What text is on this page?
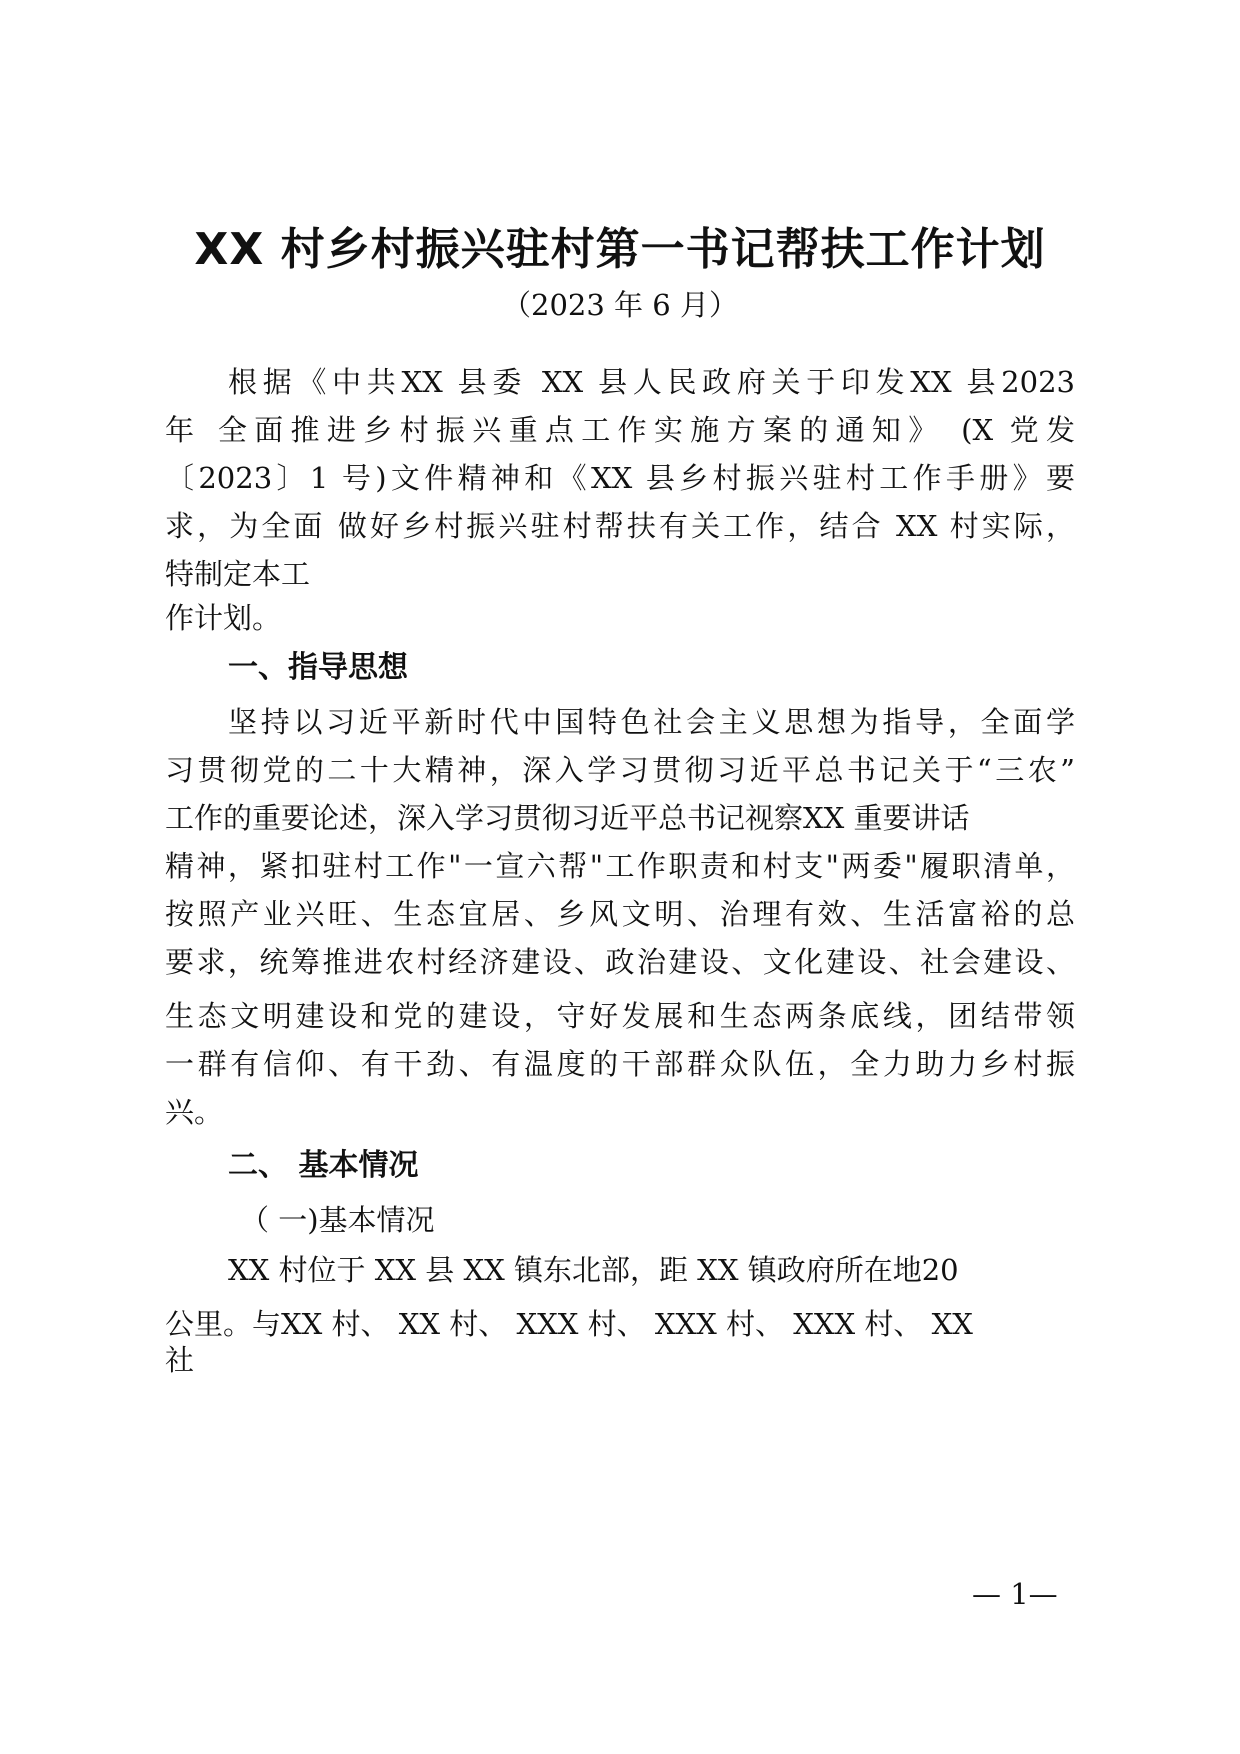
XX 村乡村振兴驻村第一书记帮扶工作计划
（2023 年 6 月）
根据《中共XX 县委 XX 县人民政府关于印发XX 县2023
年 全面推进乡村振兴重点工作实施方案的通知》 (X 党发
〔2023〕1 号)文件精神和《XX 县乡村振兴驻村工作手册》要
求，为全面 做好乡村振兴驻村帮扶有关工作，结合 XX 村实际，
特制定本工
作计划。
一、指导思想
坚持以习近平新时代中国特色社会主义思想为指导，全面学
习贯彻党的二十大精神，深入学习贯彻习近平总书记关于“三农”
工作的重要论述，深入学习贯彻习近平总书记视察XX 重要讲话
精神，紧扣驻村工作"一宣六帮"工作职责和村支"两委"履职清单，
按照产业兴旺、生态宜居、乡风文明、治理有效、生活富裕的总
要求，统筹推进农村经济建设、政治建设、文化建设、社会建设、
生态文明建设和党的建设，守好发展和生态两条底线，团结带领
一群有信仰、有干劲、有温度的干部群众队伍，全力助力乡村振
兴。
二、 基本情况
（ 一)基本情况
XX 村位于 XX 县 XX 镇东北部，距 XX 镇政府所在地20
公里。与XX 村、 XX 村、 XXX 村、 XXX 村、 XXX 村、 XX
社
— 1—
